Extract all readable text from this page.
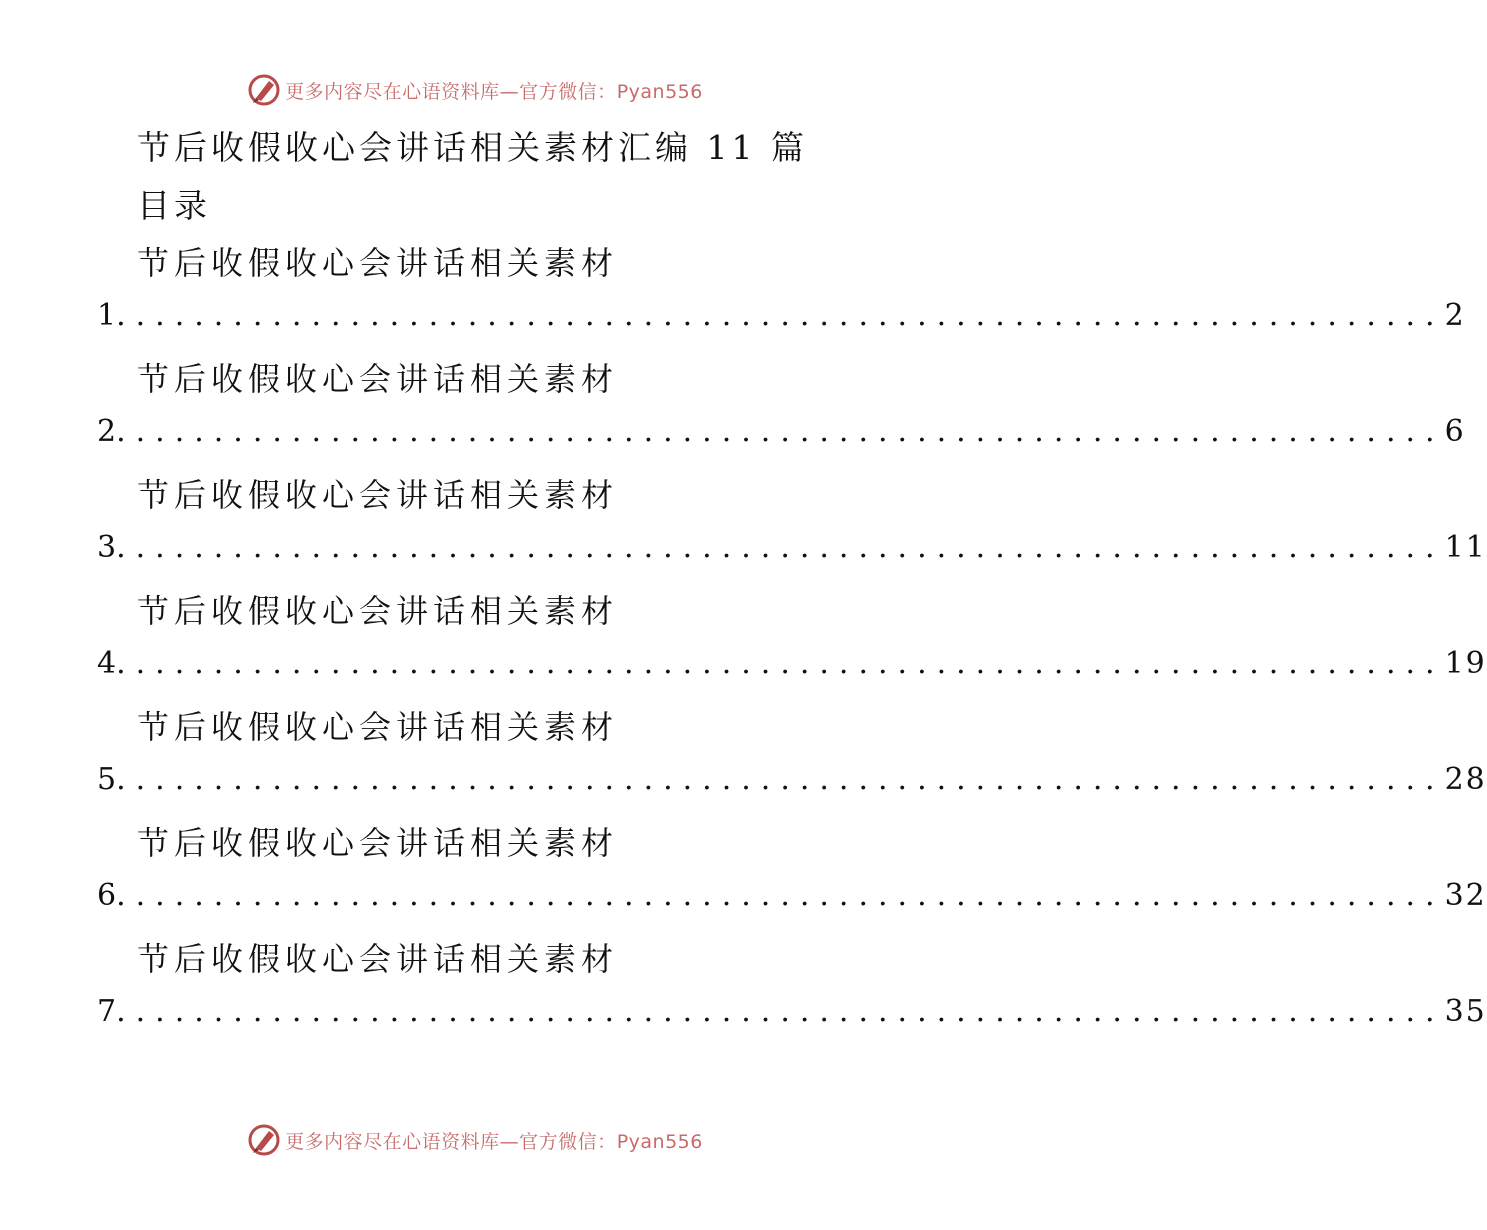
更多内容尽在心语资料库—官方微信：Pyan556
节后收假收心会讲话相关素材汇编 11 篇
目录
节后收假收心会讲话相关素材
1 .................................................................... 2
节后收假收心会讲话相关素材
2 .................................................................... 6
节后收假收心会讲话相关素材
3 .................................................................... 11
节后收假收心会讲话相关素材
4 .................................................................... 19
节后收假收心会讲话相关素材
5 .................................................................... 28
节后收假收心会讲话相关素材
6 .................................................................... 32
节后收假收心会讲话相关素材
7 .................................................................... 35
更多内容尽在心语资料库—官方微信：Pyan556
